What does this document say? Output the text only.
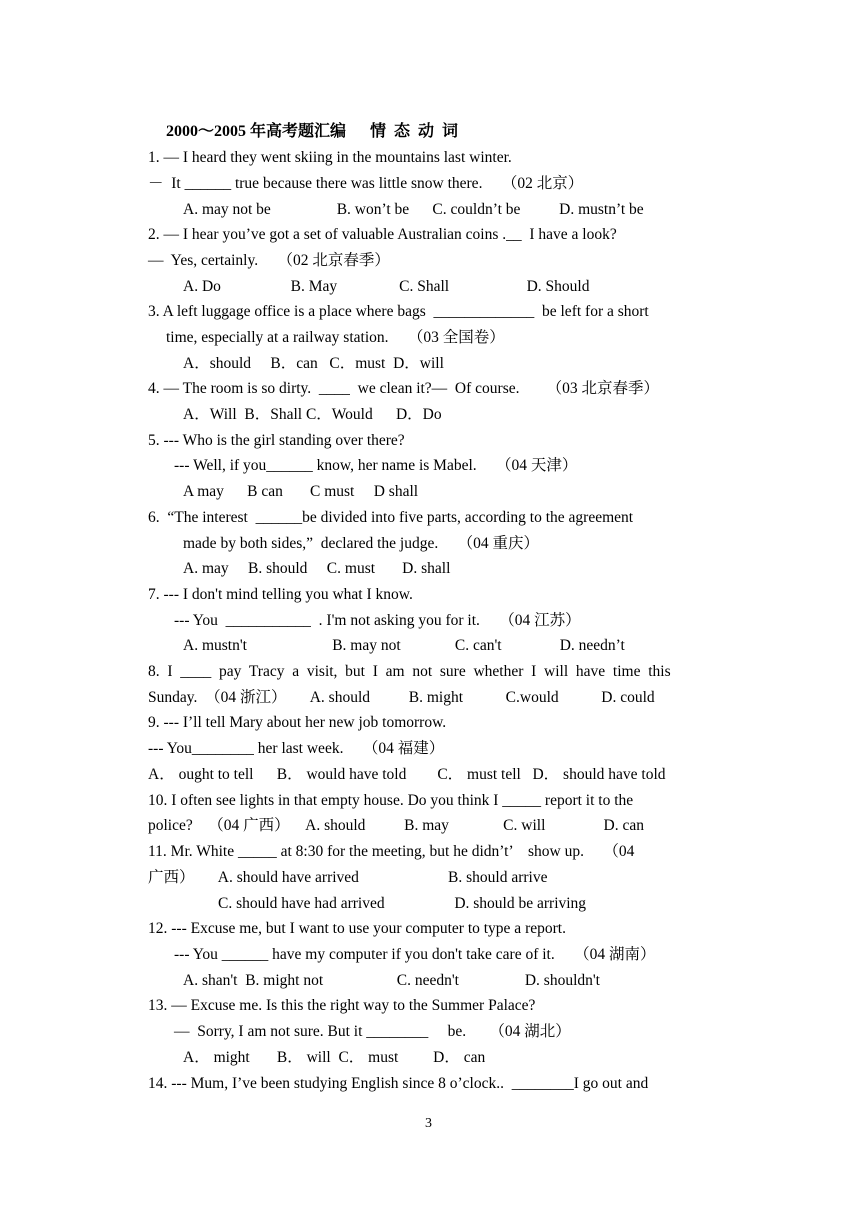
2000～2005 年高考题汇编      情  态  动  词
1. — I heard they went skiing in the mountains last winter.
－  It ______ true because there was little snow there.     （02 北京）
A. may not be                 B. won’t be      C. couldn’t be          D. mustn’t be
2. — I hear you’ve got a set of valuable Australian coins .__  I have a look?
—  Yes, certainly.     （02 北京春季）
A. Do                  B. May                C. Shall                    D. Should
3. A left luggage office is a place where bags  _____________  be left for a short
time, especially at a railway station.     （03 全国卷）
A．should     B．can   C．must  D．will
4. — The room is so dirty.  ____  we clean it?—  Of course.       （03 北京春季）
A．Will  B．Shall C．Would      D．Do
5. --- Who is the girl standing over there?
--- Well, if you______ know, her name is Mabel.     （04 天津）
A may      B can       C must     D shall
6.  “The interest  ______be divided into five parts, according to the agreement
made by both sides,”  declared the judge.     （04 重庆）
A. may     B. should     C. must       D. shall
7. --- I don't mind telling you what I know.
--- You  ___________  . I'm not asking you for it.     （04 江苏）
A. mustn't                      B. may not              C. can't               D. needn’t
8.  I  ____  pay  Tracy  a  visit,  but  I  am  not  sure  whether  I  will  have  time  this
Sunday.  （04 浙江）      A. should          B. might           C.would           D. could
9. --- I’ll tell Mary about her new job tomorrow.
--- You________ her last week.     （04 福建）
A． ought to tell      B． would have told        C． must tell   D． should have told
10. I often see lights in that empty house. Do you think I _____ report it to the
police?    （04 广西）    A. should          B. may              C. will               D. can
11. Mr. White _____ at 8:30 for the meeting, but he didn’t’    show up.     （04
广西）      A. should have arrived                       B. should arrive
C. should have had arrived                  D. should be arriving
12. --- Excuse me, but I want to use your computer to type a report.
--- You ______ have my computer if you don't take care of it.     （04 湖南）
A. shan't  B. might not                   C. needn't                 D. shouldn't
13. — Excuse me. Is this the right way to the Summer Palace?
—  Sorry, I am not sure. But it ________     be.      （04 湖北）
A． might       B． will  C． must         D． can
14. --- Mum, I’ve been studying English since 8 o’clock..  ________I go out and
3
